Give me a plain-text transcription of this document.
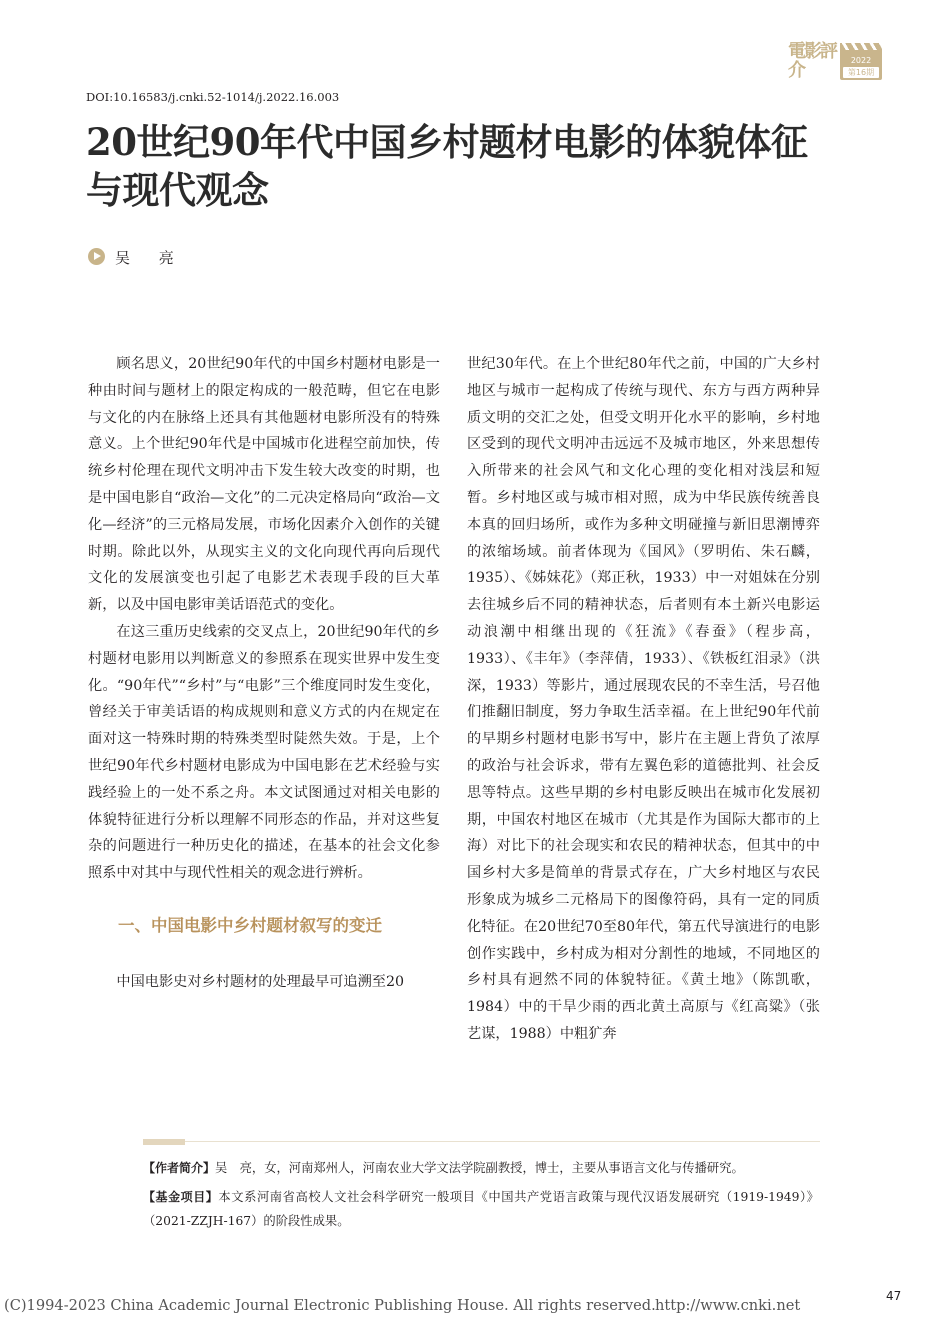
電影評介	2022
第16期
DOI:10.16583/j.cnki.52-1014/j.2022.16.003
20世纪90年代中国乡村题材电影的体貌体征
与现代观念
吴 亮

顾名思义，20世纪90年代的中国乡村题材电影是一种由时间与题材上的限定构成的一般范畴，但它在电影与文化的内在脉络上还具有其他题材电影所没有的特殊意义。上个世纪90年代是中国城市化进程空前加快，传统乡村伦理在现代文明冲击下发生较大改变的时期，也是中国电影自“政治—文化”的二元决定格局向“政治—文化—经济”的三元格局发展，市场化因素介入创作的关键时期。除此以外，从现实主义的文化向现代再向后现代文化的发展演变也引起了电影艺术表现手段的巨大革新，以及中国电影审美话语范式的变化。

在这三重历史线索的交叉点上，20世纪90年代的乡村题材电影用以判断意义的参照系在现实世界中发生变化。“90年代”“乡村”与“电影”三个维度同时发生变化，曾经关于审美话语的构成规则和意义方式的内在规定在面对这一特殊时期的特殊类型时陡然失效。于是，上个世纪90年代乡村题材电影成为中国电影在艺术经验与实践经验上的一处不系之舟。本文试图通过对相关电影的体貌特征进行分析以理解不同形态的作品，并对这些复杂的问题进行一种历史化的描述，在基本的社会文化参照系中对其中与现代性相关的观念进行辨析。

一、中国电影中乡村题材叙写的变迁

中国电影史对乡村题材的处理最早可追溯至20

世纪30年代。在上个世纪80年代之前，中国的广大乡村地区与城市一起构成了传统与现代、东方与西方两种异质文明的交汇之处，但受文明开化水平的影响，乡村地区受到的现代文明冲击远远不及城市地区，外来思想传入所带来的社会风气和文化心理的变化相对浅层和短暂。乡村地区或与城市相对照，成为中华民族传统善良本真的回归场所，或作为多种文明碰撞与新旧思潮博弈的浓缩场域。前者体现为《国风》（罗明佑、朱石麟，1935）、《姊妹花》（郑正秋，1933）中一对姐妹在分别去往城乡后不同的精神状态，后者则有本土新兴电影运动浪潮中相继出现的《狂流》《春蚕》（程步高，1933）、《丰年》（李萍倩，1933）、《铁板红泪录》（洪深，1933）等影片，通过展现农民的不幸生活，号召他们推翻旧制度，努力争取生活幸福。在上世纪90年代前的早期乡村题材电影书写中，影片在主题上背负了浓厚的政治与社会诉求，带有左翼色彩的道德批判、社会反思等特点。这些早期的乡村电影反映出在城市化发展初期，中国农村地区在城市（尤其是作为国际大都市的上海）对比下的社会现实和农民的精神状态，但其中的中国乡村大多是简单的背景式存在，广大乡村地区与农民形象成为城乡二元格局下的图像符码，具有一定的同质化特征。在20世纪70至80年代，第五代导演进行的电影创作实践中，乡村成为相对分割性的地域，不同地区的乡村具有迥然不同的体貌特征。《黄土地》（陈凯歌，1984）中的干旱少雨的西北黄土高原与《红高粱》（张艺谋，1988）中粗犷奔

【作者简介】吴　亮，女，河南郑州人，河南农业大学文法学院副教授，博士，主要从事语言文化与传播研究。

【基金项目】本文系河南省高校人文社会科学研究一般项目《中国共产党语言政策与现代汉语发展研究（1919-1949）》（2021-ZZJH-167）的阶段性成果。

47
(C)1994-2023 China Academic Journal Electronic Publishing House. All rights reserved. http://www.cnki.net
